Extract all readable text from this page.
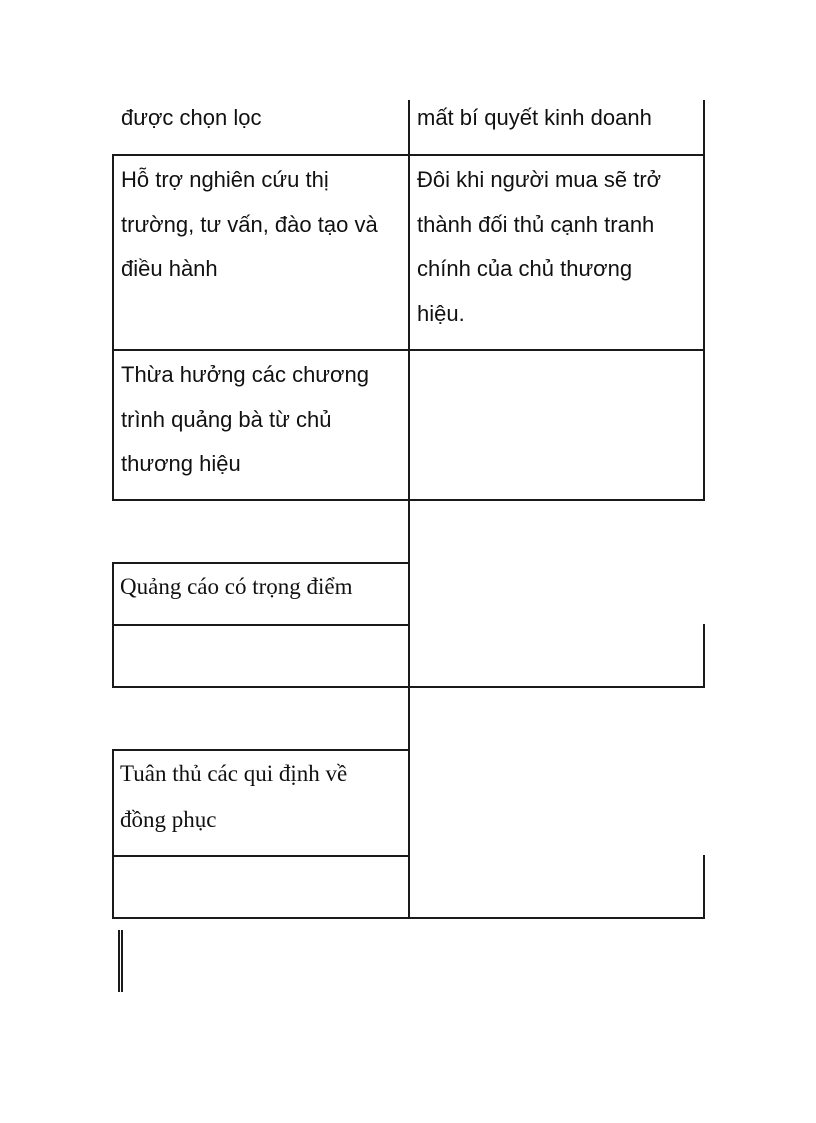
được chọn lọc	mất bí quyết kinh doanh

Hỗ trợ nghiên cứu thị
trường, tư vấn, đào tạo và
điều hành

Đôi khi người mua sẽ trở
thành đối thủ cạnh tranh
chính của chủ thương
hiệu.

Thừa hưởng các chương
trình quảng bà từ chủ
thương hiệu

Quảng cáo có trọng điểm

Tuân thủ các qui định về
đồng phục
